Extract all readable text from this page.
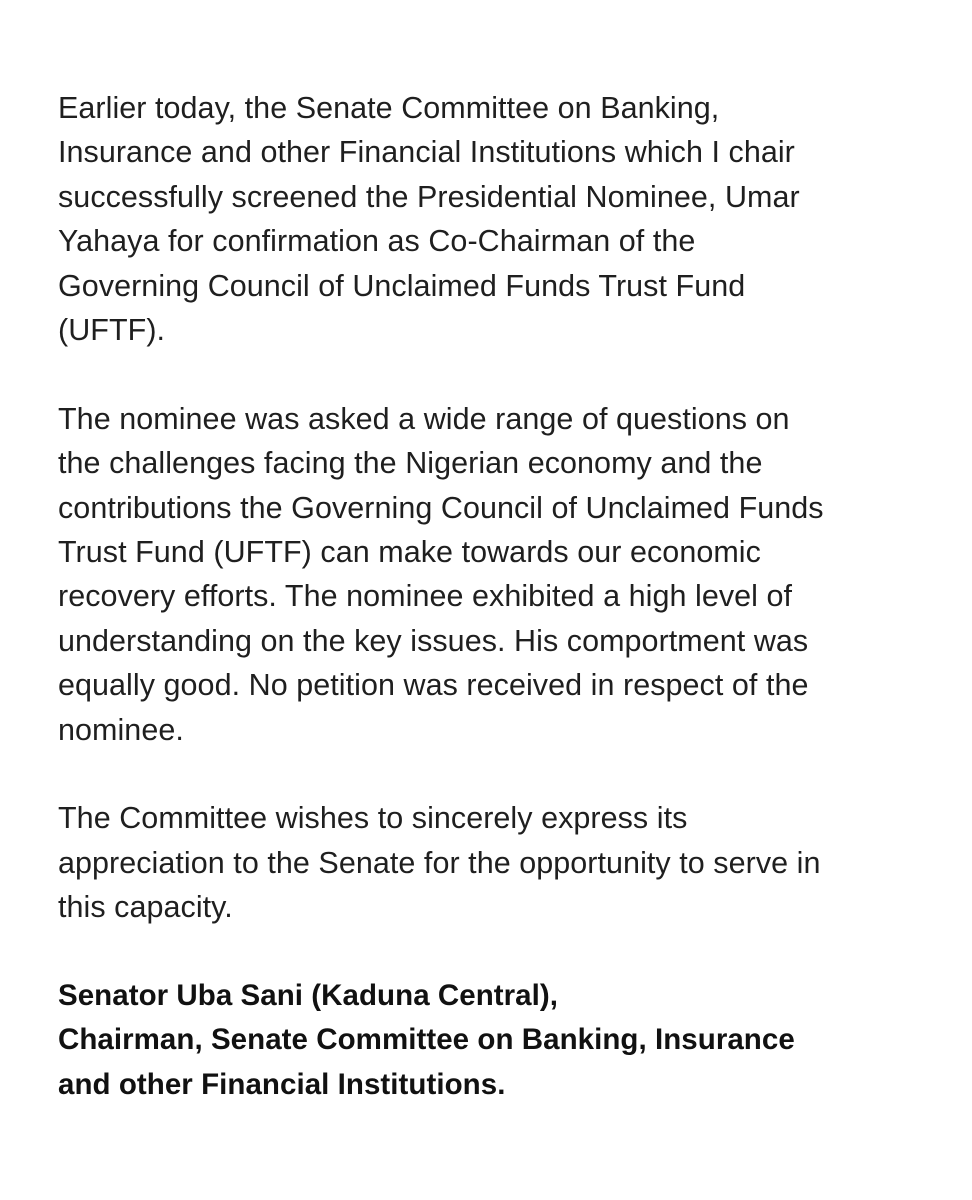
Earlier today, the Senate Committee on Banking,
Insurance and other Financial Institutions which I chair
successfully screened the Presidential Nominee, Umar
Yahaya for confirmation as Co-Chairman of the
Governing Council of Unclaimed Funds Trust Fund
(UFTF).

The nominee was asked a wide range of questions on
the challenges facing the Nigerian economy and the
contributions the Governing Council of Unclaimed Funds
Trust Fund (UFTF) can make towards our economic
recovery efforts. The nominee exhibited a high level of
understanding on the key issues. His comportment was
equally good. No petition was received in respect of the
nominee.

The Committee wishes to sincerely express its
appreciation to the Senate for the opportunity to serve in
this capacity.

Senator Uba Sani (Kaduna Central),
Chairman, Senate Committee on Banking, Insurance
and other Financial Institutions.
